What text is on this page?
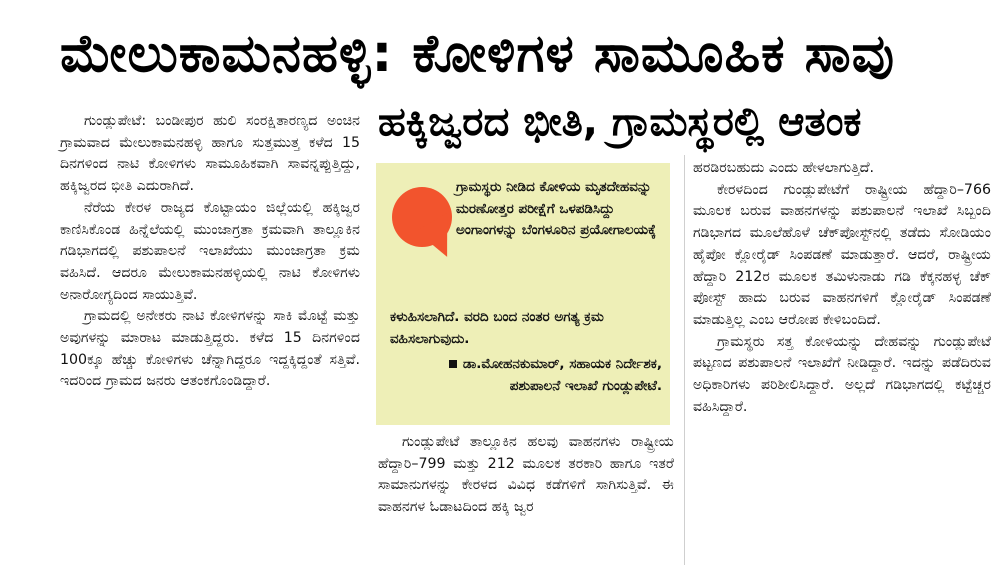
ಮೇಲುಕಾಮನಹಳ್ಳಿ: ಕೋಳಿಗಳ ಸಾಮೂಹಿಕ ಸಾವು
ಹಕ್ಕಿಜ್ವರದ ಭೀತಿ, ಗ್ರಾಮಸ್ಥರಲ್ಲಿ ಆತಂಕ

ಗುಂಡ್ಲುಪೇಟೆ: ಬಂಡೀಪುರ ಹುಲಿ ಸಂರಕ್ಷಿತಾರಣ್ಯದ ಅಂಚಿನ ಗ್ರಾಮವಾದ ಮೇಲುಕಾಮನಹಳ್ಳಿ ಹಾಗೂ ಸುತ್ತಮುತ್ತ ಕಳೆದ 15 ದಿನಗಳಿಂದ ನಾಟಿ ಕೋಳಿಗಳು ಸಾಮೂಹಿಕವಾಗಿ ಸಾವನ್ನಪ್ಪುತ್ತಿದ್ದು, ಹಕ್ಕಿಜ್ವರದ ಭೀತಿ ಎದುರಾಗಿದೆ.

ನೆರೆಯ ಕೇರಳ ರಾಜ್ಯದ ಕೊಟ್ಟಾಯಂ ಜಿಲ್ಲೆಯಲ್ಲಿ ಹಕ್ಕಿಜ್ವರ ಕಾಣಿಸಿಕೊಂಡ ಹಿನ್ನೆಲೆಯಲ್ಲಿ ಮುಂಜಾಗ್ರತಾ ಕ್ರಮವಾಗಿ ತಾಲ್ಲೂಕಿನ ಗಡಿಭಾಗದಲ್ಲಿ ಪಶುಪಾಲನೆ ಇಲಾಖೆಯು ಮುಂಜಾಗ್ರತಾ ಕ್ರಮ ವಹಿಸಿದೆ. ಆದರೂ ಮೇಲುಕಾಮನಹಳ್ಳಿಯಲ್ಲಿ ನಾಟಿ ಕೋಳಿಗಳು ಅನಾರೋಗ್ಯದಿಂದ ಸಾಯುತ್ತಿವೆ.

ಗ್ರಾಮದಲ್ಲಿ ಅನೇಕರು ನಾಟಿ ಕೋಳಿಗಳನ್ನು ಸಾಕಿ ಮೊಟ್ಟೆ ಮತ್ತು ಅವುಗಳನ್ನು ಮಾರಾಟ ಮಾಡುತ್ತಿದ್ದರು. ಕಳೆದ 15 ದಿನಗಳಿಂದ 100ಕ್ಕೂ ಹೆಚ್ಚು ಕೋಳಿಗಳು ಚೆನ್ನಾಗಿದ್ದರೂ ಇದ್ದಕ್ಕಿದ್ದಂತೆ ಸತ್ತಿವೆ. ಇದರಿಂದ ಗ್ರಾಮದ ಜನರು ಆತಂಕಗೊಂಡಿದ್ದಾರೆ.

ಗ್ರಾಮಸ್ಥರು ನೀಡಿದ ಕೋಳಿಯ ಮೃತದೇಹವನ್ನು ಮರಣೋತ್ತರ ಪರೀಕ್ಷೆಗೆ ಒಳಪಡಿಸಿದ್ದು ಅಂಗಾಂಗಳನ್ನು ಬೆಂಗಳೂರಿನ ಪ್ರಯೋಗಾಲಯಕ್ಕೆ
ಕಳುಹಿಸಲಾಗಿದೆ. ವರದಿ ಬಂದ ನಂತರ ಅಗತ್ಯ ಕ್ರಮ ವಹಿಸಲಾಗುವುದು.
ಡಾ.ಮೋಹನಕುಮಾರ್, ಸಹಾಯಕ ನಿರ್ದೇಶಕ, ಪಶುಪಾಲನೆ ಇಲಾಖೆ ಗುಂಡ್ಲುಪೇಟೆ.

ಗುಂಡ್ಲುಪೇಟೆ ತಾಲ್ಲೂಕಿನ ಹಲವು ವಾಹನಗಳು ರಾಷ್ಟ್ರೀಯ ಹೆದ್ದಾರಿ–799 ಮತ್ತು 212 ಮೂಲಕ ತರಕಾರಿ ಹಾಗೂ ಇತರೆ ಸಾಮಾನುಗಳನ್ನು ಕೇರಳದ ವಿವಿಧ ಕಡೆಗಳಿಗೆ ಸಾಗಿಸುತ್ತಿವೆ. ಈ ವಾಹನಗಳ ಓಡಾಟದಿಂದ ಹಕ್ಕಿ ಜ್ವರ

ಹರಡಿರಬಹುದು ಎಂದು ಹೇಳಲಾಗುತ್ತಿದೆ.

ಕೇರಳದಿಂದ ಗುಂಡ್ಲುಪೇಟೆಗೆ ರಾಷ್ಟ್ರೀಯ ಹೆದ್ದಾರಿ–766 ಮೂಲಕ ಬರುವ ವಾಹನಗಳನ್ನು ಪಶುಪಾಲನೆ ಇಲಾಖೆ ಸಿಬ್ಬಂದಿ ಗಡಿಭಾಗದ ಮೂಲೆಹೊಳೆ ಚೆಕ್‌ಪೋಸ್ಟ್‌ನಲ್ಲಿ ತಡೆದು ಸೋಡಿಯಂ ಹೈಪೋ ಕ್ಲೋರೈಡ್ ಸಿಂಪಡಣೆ ಮಾಡುತ್ತಾರೆ. ಆದರೆ, ರಾಷ್ಟ್ರೀಯ ಹೆದ್ದಾರಿ 212ರ ಮೂಲಕ ತಮಿಳುನಾಡು ಗಡಿ ಕೆಕ್ಕನಹಳ್ಳ ಚೆಕ್ ಪೋಸ್ಟ್ ಹಾದು ಬರುವ ವಾಹನಗಳಿಗೆ ಕ್ಲೋರೈಡ್ ಸಿಂಪಡಣೆ ಮಾಡುತ್ತಿಲ್ಲ ಎಂಬ ಆರೋಪ ಕೇಳಿಬಂದಿದೆ.

ಗ್ರಾಮಸ್ಥರು ಸತ್ತ ಕೋಳಿಯನ್ನು ದೇಹವನ್ನು ಗುಂಡ್ಲುಪೇಟೆ ಪಟ್ಟಣದ ಪಶುಪಾಲನೆ ಇಲಾಖೆಗೆ ನೀಡಿದ್ದಾರೆ. ಇದನ್ನು ಪಡೆದಿರುವ ಅಧಿಕಾರಿಗಳು ಪರಿಶೀಲಿಸಿದ್ದಾರೆ. ಅಲ್ಲದೆ ಗಡಿಭಾಗದಲ್ಲಿ ಕಟ್ಟೆಚ್ಚರ ವಹಿಸಿದ್ದಾರೆ.
